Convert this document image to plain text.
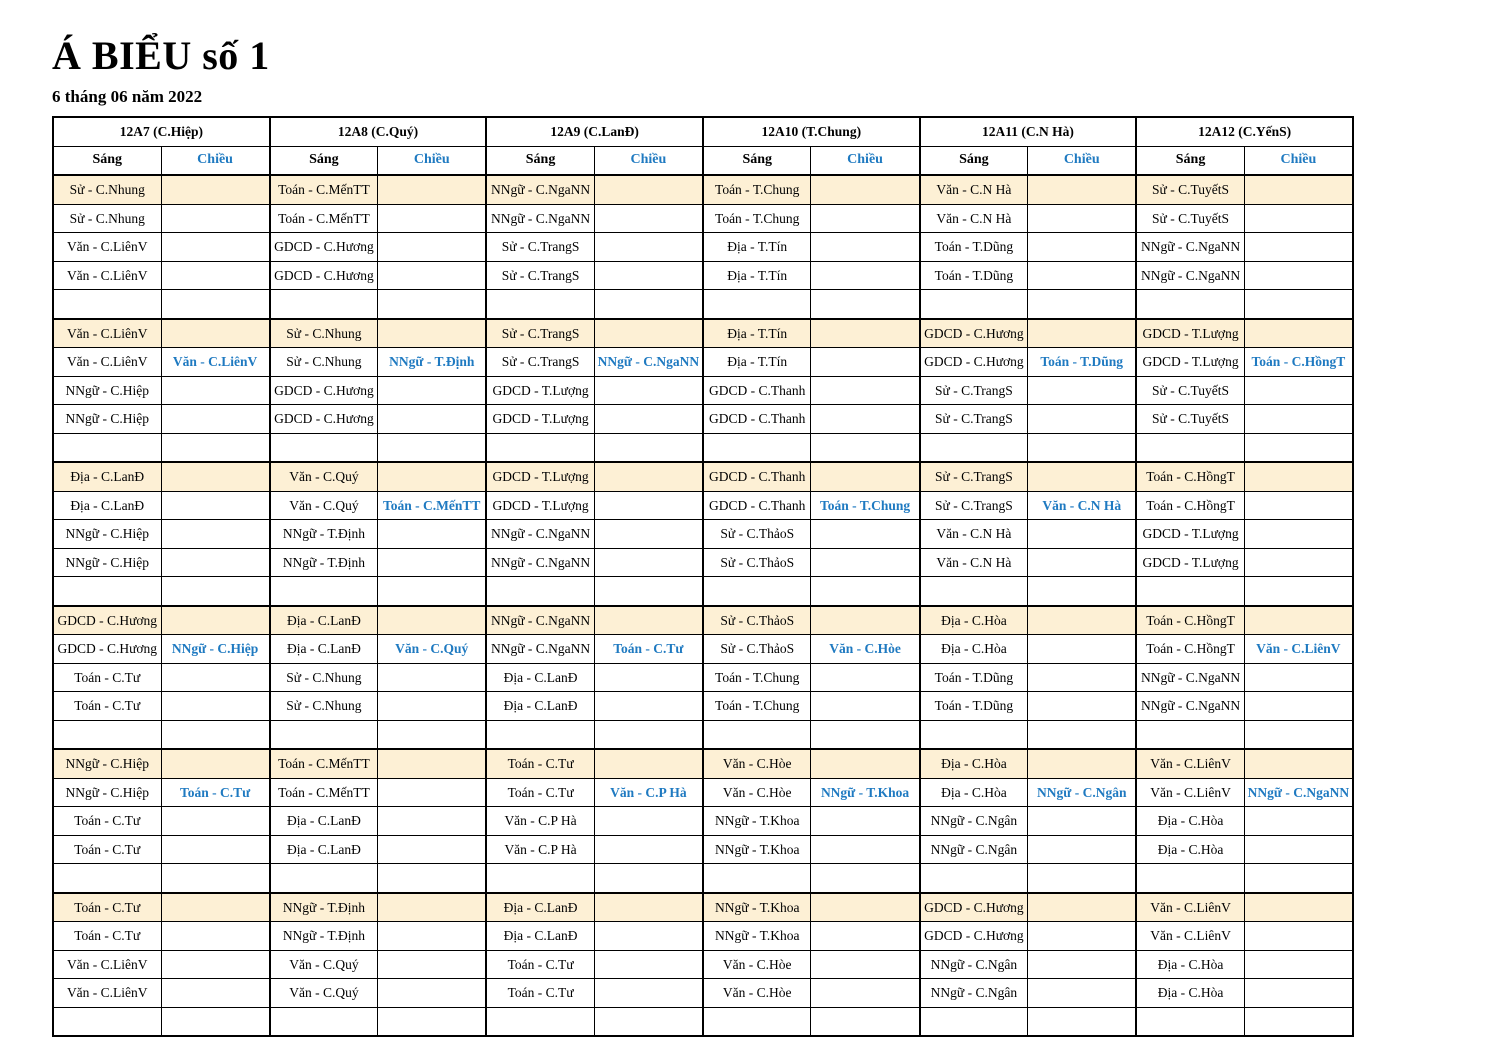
Á BIỂU số 1
6 tháng 06 năm 2022
12A7 (C.Hiệp)		12A8 (C.Quý)		12A9 (C.LanĐ)		12A10 (T.Chung)		12A11 (C.N Hà)		12A12 (C.YếnS)	
Sáng	Chiều	Sáng	Chiều	Sáng	Chiều	Sáng	Chiều	Sáng	Chiều	Sáng	Chiều
Sử - C.Nhung		Toán - C.MếnTT		NNgữ - C.NgaNN		Toán - T.Chung		Văn - C.N Hà		Sử - C.TuyếtS	
Sử - C.Nhung		Toán - C.MếnTT		NNgữ - C.NgaNN		Toán - T.Chung		Văn - C.N Hà		Sử - C.TuyếtS	
Văn - C.LiênV		GDCD - C.Hương		Sử - C.TrangS		Địa - T.Tín		Toán - T.Dũng		NNgữ - C.NgaNN	
Văn - C.LiênV		GDCD - C.Hương		Sử - C.TrangS		Địa - T.Tín		Toán - T.Dũng		NNgữ - C.NgaNN	

Văn - C.LiênV		Sử - C.Nhung		Sử - C.TrangS		Địa - T.Tín		GDCD - C.Hương		GDCD - T.Lượng	
Văn - C.LiênV	Văn - C.LiênV	Sử - C.Nhung	NNgữ - T.Định	Sử - C.TrangS	NNgữ - C.NgaNN	Địa - T.Tín		GDCD - C.Hương	Toán - T.Dũng	GDCD - T.Lượng	Toán - C.HồngT
NNgữ - C.Hiệp		GDCD - C.Hương		GDCD - T.Lượng		GDCD - C.Thanh		Sử - C.TrangS		Sử - C.TuyếtS	
NNgữ - C.Hiệp		GDCD - C.Hương		GDCD - T.Lượng		GDCD - C.Thanh		Sử - C.TrangS		Sử - C.TuyếtS	

Địa - C.LanĐ		Văn - C.Quý		GDCD - T.Lượng		GDCD - C.Thanh		Sử - C.TrangS		Toán - C.HồngT	
Địa - C.LanĐ		Văn - C.Quý	Toán - C.MếnTT	GDCD - T.Lượng		GDCD - C.Thanh	Toán - T.Chung	Sử - C.TrangS	Văn - C.N Hà	Toán - C.HồngT	
NNgữ - C.Hiệp		NNgữ - T.Định		NNgữ - C.NgaNN		Sử - C.ThảoS		Văn - C.N Hà		GDCD - T.Lượng	
NNgữ - C.Hiệp		NNgữ - T.Định		NNgữ - C.NgaNN		Sử - C.ThảoS		Văn - C.N Hà		GDCD - T.Lượng	

GDCD - C.Hương		Địa - C.LanĐ		NNgữ - C.NgaNN		Sử - C.ThảoS		Địa - C.Hòa		Toán - C.HồngT	
GDCD - C.Hương	NNgữ - C.Hiệp	Địa - C.LanĐ	Văn - C.Quý	NNgữ - C.NgaNN	Toán - C.Tư	Sử - C.ThảoS	Văn - C.Hòe	Địa - C.Hòa		Toán - C.HồngT	Văn - C.LiênV
Toán - C.Tư		Sử - C.Nhung		Địa - C.LanĐ		Toán - T.Chung		Toán - T.Dũng		NNgữ - C.NgaNN	
Toán - C.Tư		Sử - C.Nhung		Địa - C.LanĐ		Toán - T.Chung		Toán - T.Dũng		NNgữ - C.NgaNN	

NNgữ - C.Hiệp		Toán - C.MếnTT		Toán - C.Tư		Văn - C.Hòe		Địa - C.Hòa		Văn - C.LiênV	
NNgữ - C.Hiệp	Toán - C.Tư	Toán - C.MếnTT		Toán - C.Tư	Văn - C.P Hà	Văn - C.Hòe	NNgữ - T.Khoa	Địa - C.Hòa	NNgữ - C.Ngân	Văn - C.LiênV	NNgữ - C.NgaNN
Toán - C.Tư		Địa - C.LanĐ		Văn - C.P Hà		NNgữ - T.Khoa		NNgữ - C.Ngân		Địa - C.Hòa	
Toán - C.Tư		Địa - C.LanĐ		Văn - C.P Hà		NNgữ - T.Khoa		NNgữ - C.Ngân		Địa - C.Hòa	

Toán - C.Tư		NNgữ - T.Định		Địa - C.LanĐ		NNgữ - T.Khoa		GDCD - C.Hương		Văn - C.LiênV	
Toán - C.Tư		NNgữ - T.Định		Địa - C.LanĐ		NNgữ - T.Khoa		GDCD - C.Hương		Văn - C.LiênV	
Văn - C.LiênV		Văn - C.Quý		Toán - C.Tư		Văn - C.Hòe		NNgữ - C.Ngân		Địa - C.Hòa	
Văn - C.LiênV		Văn - C.Quý		Toán - C.Tư		Văn - C.Hòe		NNgữ - C.Ngân		Địa - C.Hòa	
